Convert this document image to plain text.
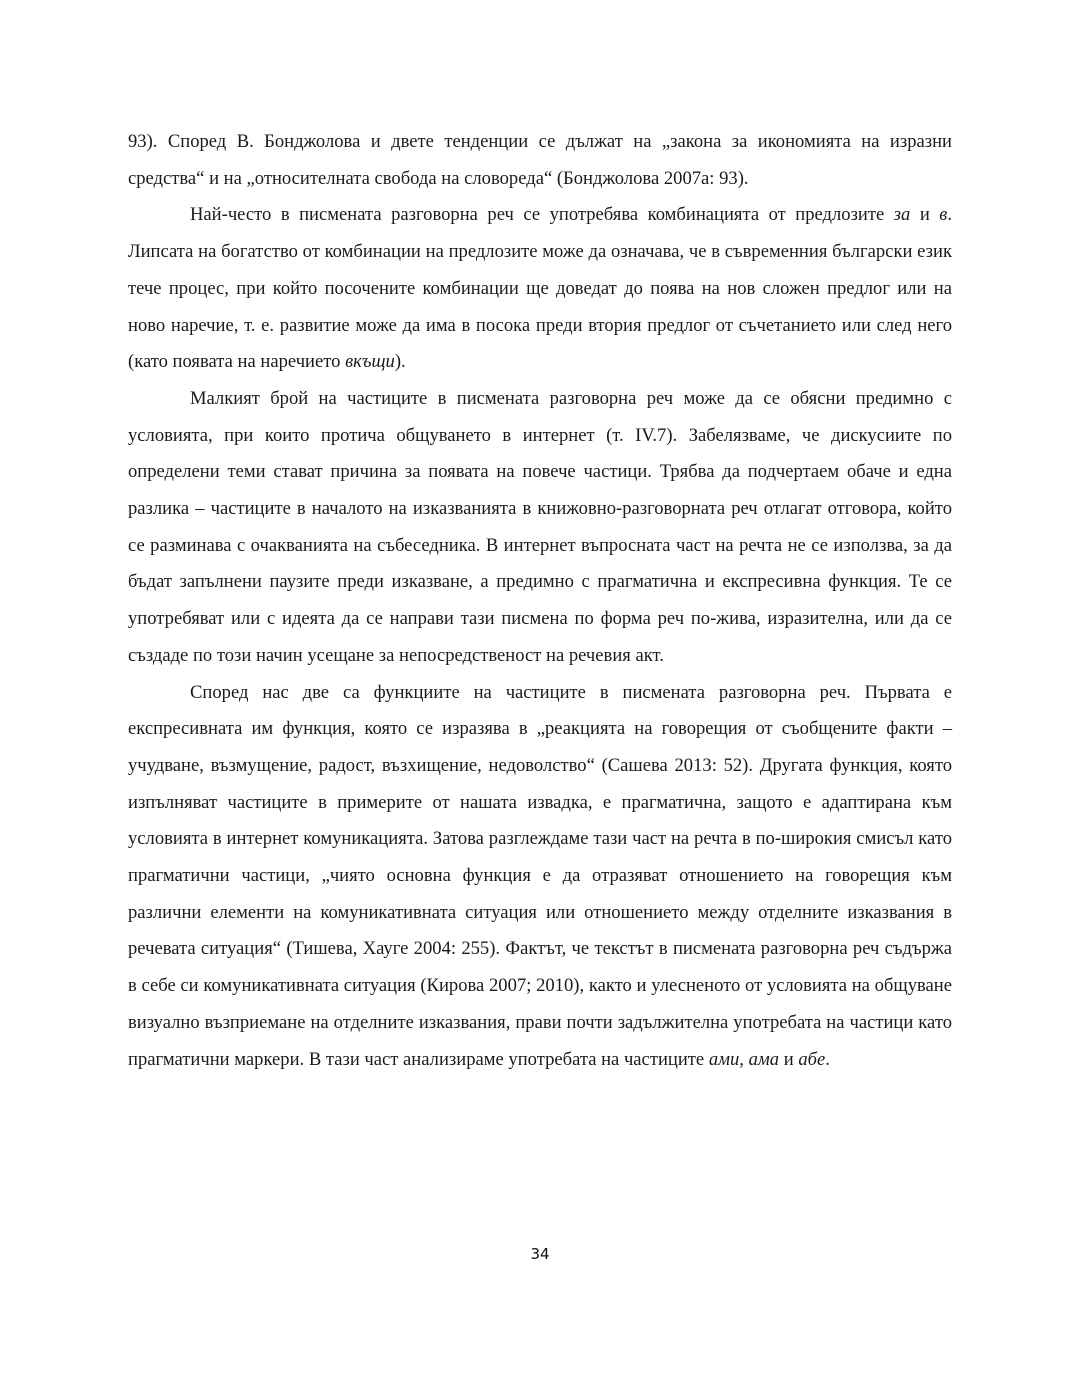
93). Според В. Бонджолова и двете тенденции се дължат на „закона за икономията на изразни средства“ и на „относителната свобода на словореда“ (Бонджолова 2007а: 93).

Най-често в писмената разговорна реч се употребява комбинацията от предлозите за и в. Липсата на богатство от комбинации на предлозите може да означава, че в съвременния български език тече процес, при който посочените комбинации ще доведат до поява на нов сложен предлог или на ново наречие, т. е. развитие може да има в посока преди втория предлог от съчетанието или след него (като появата на наречието вкъщи).

Малкият брой на частиците в писмената разговорна реч може да се обясни предимно с условията, при които протича общуването в интернет (т. IV.7). Забелязваме, че дискусиите по определени теми стават причина за появата на повече частици. Трябва да подчертаем обаче и една разлика – частиците в началото на изказванията в книжовно-разговорната реч отлагат отговора, който се разминава с очакванията на събеседника. В интернет въпросната част на речта не се използва, за да бъдат запълнени паузите преди изказване, а предимно с прагматична и експресивна функция. Те се употребяват или с идеята да се направи тази писмена по форма реч по-жива, изразителна, или да се създаде по този начин усещане за непосредственост на речевия акт.

Според нас две са функциите на частиците в писмената разговорна реч. Първата е експресивната им функция, която се изразява в „реакцията на говорещия от съобщените факти – учудване, възмущение, радост, възхищение, недоволство“ (Сашева 2013: 52). Другата функция, която изпълняват частиците в примерите от нашата извадка, е прагматична, защото е адаптирана към условията в интернет комуникацията. Затова разглеждаме тази част на речта в по-широкия смисъл като прагматични частици, „чиято основна функция е да отразяват отношението на говорещия към различни елементи на комуникативната ситуация или отношението между отделните изказвания в речевата ситуация“ (Тишева, Хауге 2004: 255). Фактът, че текстът в писмената разговорна реч съдържа в себе си комуникативната ситуация (Кирова 2007; 2010), както и улесненото от условията на общуване визуално възприемане на отделните изказвания, прави почти задължителна употребата на частици като прагматични маркери. В тази част анализираме употребата на частиците ами, ама и абе.

34
